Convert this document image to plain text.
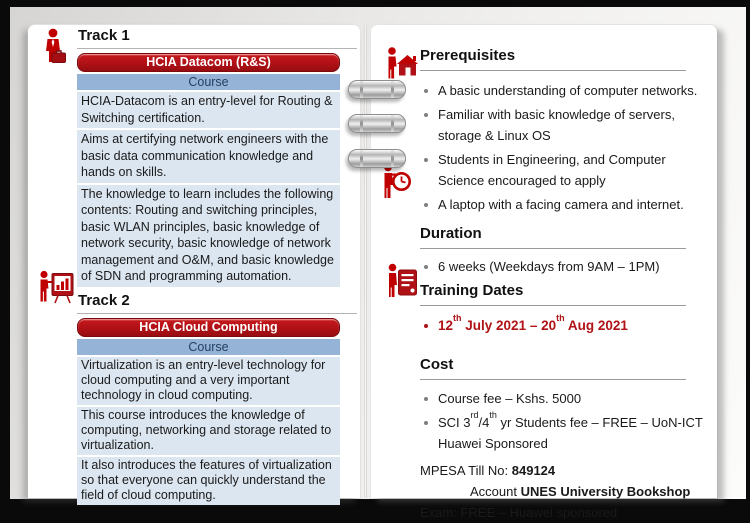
Track 1
HCIA Datacom (R&S)
Course
HCIA-Datacom is an entry-level for Routing & Switching certification.
Aims at certifying network engineers with the basic data communication knowledge and hands on skills.
The knowledge to learn includes the following contents: Routing and switching principles, basic WLAN principles, basic knowledge of network security, basic knowledge of network management and O&M, and basic knowledge of SDN and programming automation.
Track 2
HCIA Cloud Computing
Course
Virtualization is an entry-level technology for cloud computing and a very important technology in cloud computing.
This course introduces the knowledge of computing, networking and storage related to virtualization.
It also introduces the features of virtualization so that everyone can quickly understand the field of cloud computing.
Prerequisites
A basic understanding of computer networks.
Familiar with basic knowledge of servers, storage & Linux OS
Students in Engineering, and Computer Science encouraged to apply
A laptop with a facing camera and internet.
Duration
6 weeks (Weekdays from 9AM – 1PM)
Training Dates
12th July 2021 – 20th Aug 2021
Cost
Course fee – Kshs. 5000
SCI 3rd/4th yr Students fee – FREE – UoN-ICT Huawei Sponsored
MPESA Till No: 849124
Account UNES University Bookshop
Exam: FREE – Huawei sponsored
